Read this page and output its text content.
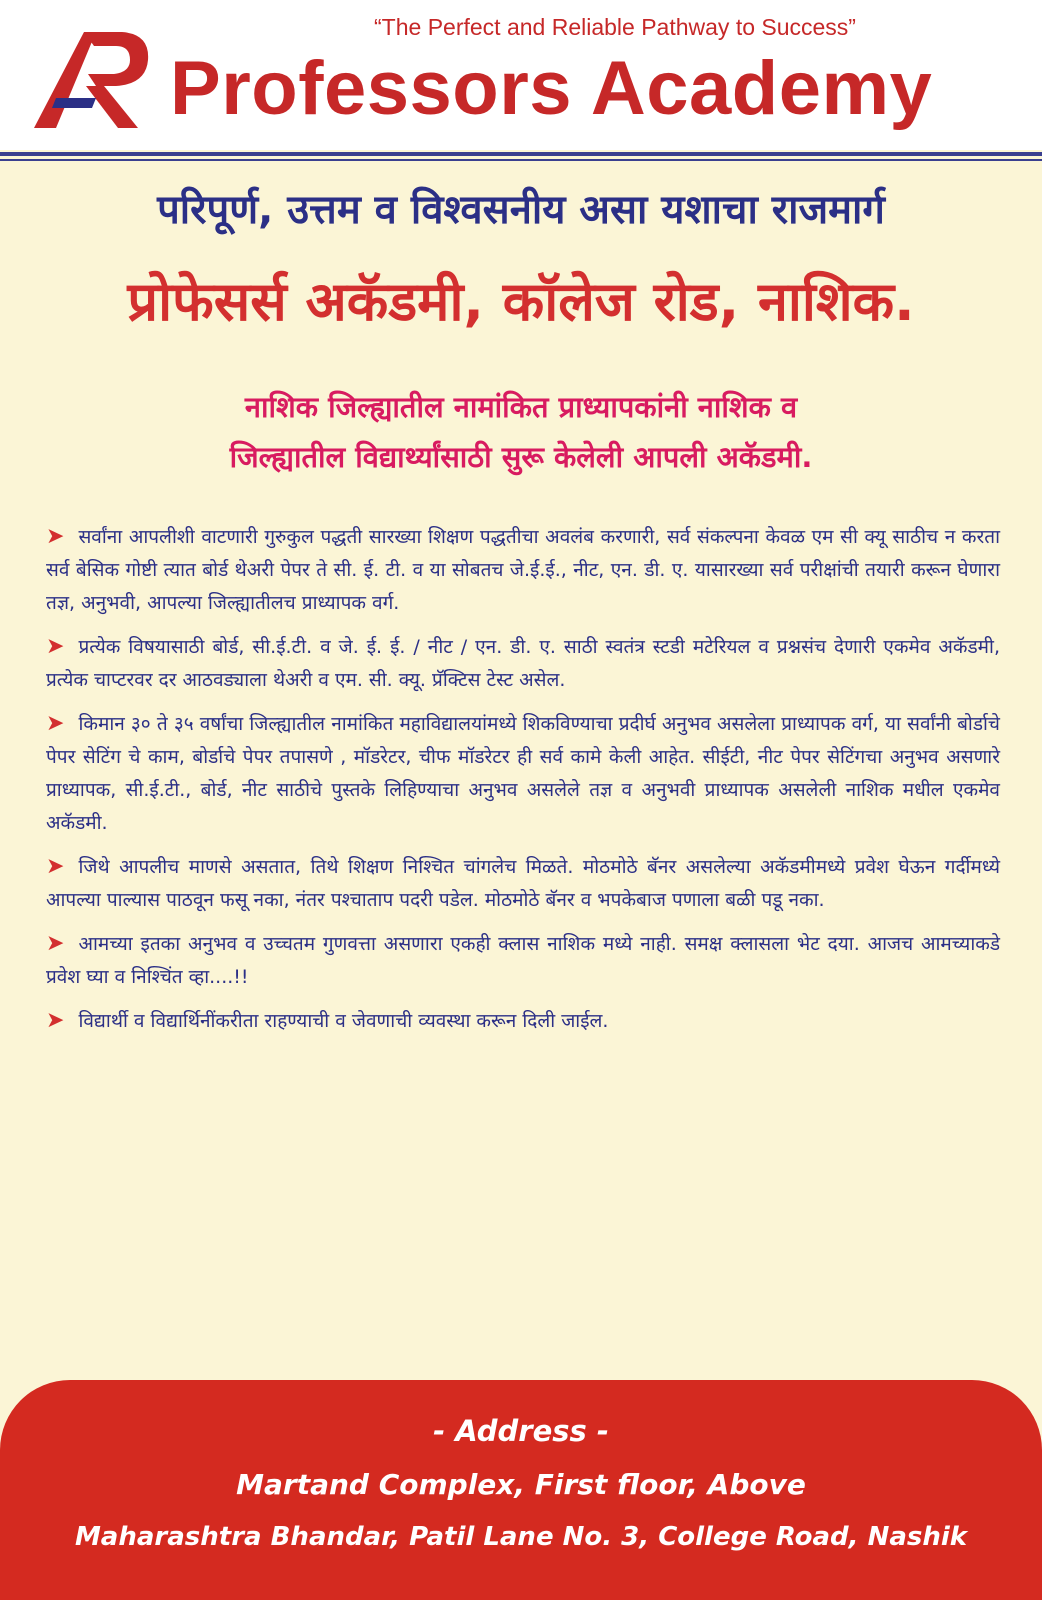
“The Perfect and Reliable Pathway to Success”
Professors Academy
परिपूर्ण, उत्तम व विश्वसनीय असा यशाचा राजमार्ग
प्रोफेसर्स अकॅडमी, कॉलेज रोड, नाशिक.
नाशिक जिल्ह्यातील नामांकित प्राध्यापकांनी नाशिक व
जिल्ह्यातील विद्यार्थ्यांसाठी सुरू केलेली आपली अकॅडमी.

➤ सर्वांना आपलीशी वाटणारी गुरुकुल पद्धती सारख्या शिक्षण पद्धतीचा अवलंब करणारी, सर्व संकल्पना केवळ एम सी क्यू साठीच न करता सर्व बेसिक गोष्टी त्यात बोर्ड थेअरी पेपर ते सी. ई. टी. व या सोबतच जे.ई.ई., नीट, एन. डी. ए. यासारख्या सर्व परीक्षांची तयारी करून घेणारा तज्ञ, अनुभवी, आपल्या जिल्ह्यातीलच प्राध्यापक वर्ग.

➤ प्रत्येक विषयासाठी बोर्ड, सी.ई.टी. व जे. ई. ई. / नीट / एन. डी. ए. साठी स्वतंत्र स्टडी मटेरियल व प्रश्नसंच देणारी एकमेव अकॅडमी, प्रत्येक चाप्टरवर दर आठवड्याला थेअरी व एम. सी. क्यू. प्रॅक्टिस टेस्ट असेल.

➤ किमान ३० ते ३५ वर्षांचा जिल्ह्यातील नामांकित महाविद्यालयांमध्ये शिकविण्याचा प्रदीर्घ अनुभव असलेला प्राध्यापक वर्ग, या सर्वांनी बोर्डाचे पेपर सेटिंग चे काम, बोर्डाचे पेपर तपासणे , मॉडरेटर, चीफ मॉडरेटर ही सर्व कामे केली आहेत. सीईटी, नीट पेपर सेटिंगचा अनुभव असणारे प्राध्यापक, सी.ई.टी., बोर्ड, नीट साठीचे पुस्तके लिहिण्याचा अनुभव असलेले तज्ञ व अनुभवी प्राध्यापक असलेली नाशिक मधील एकमेव अकॅडमी.

➤ जिथे आपलीच माणसे असतात, तिथे शिक्षण निश्चित चांगलेच मिळते. मोठमोठे बॅनर असलेल्या अकॅडमीमध्ये प्रवेश घेऊन गर्दीमध्ये आपल्या पाल्यास पाठवून फसू नका, नंतर पश्चाताप पदरी पडेल. मोठमोठे बॅनर व भपकेबाज पणाला बळी पडू नका.

➤ आमच्या इतका अनुभव व उच्चतम गुणवत्ता असणारा एकही क्लास नाशिक मध्ये नाही. समक्ष क्लासला भेट दया. आजच आमच्याकडे प्रवेश घ्या व निश्चिंत व्हा....!!

➤ विद्यार्थी व विद्यार्थिनींकरीता राहण्याची व जेवणाची व्यवस्था करून दिली जाईल.

- Address -
Martand Complex, First floor, Above
Maharashtra Bhandar, Patil Lane No. 3, College Road, Nashik
